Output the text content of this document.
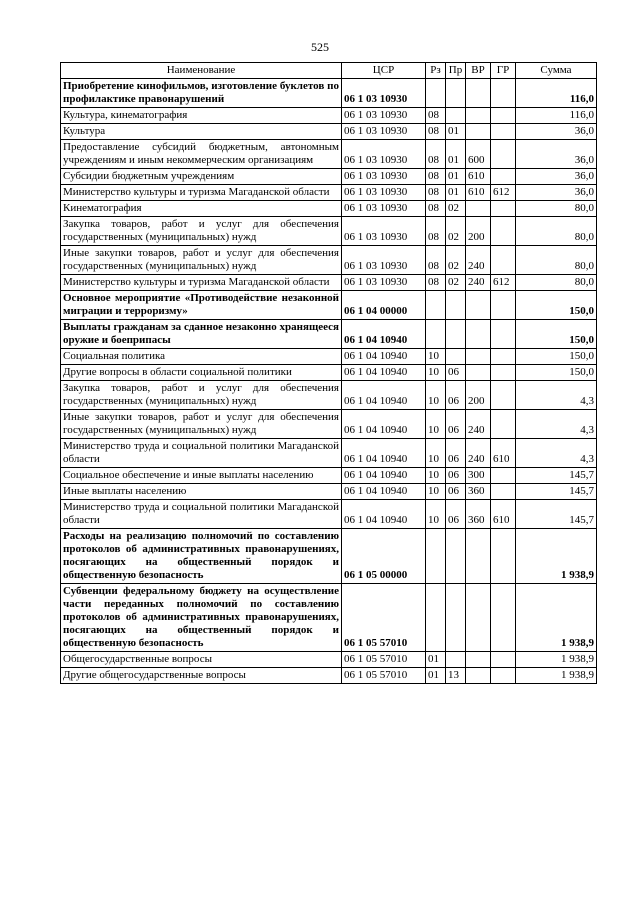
525
Наименование	ЦСР	Рз	Пр	ВР	ГР	Сумма
Приобретение кинофильмов, изготовление буклетов по профилактике правонарушений	06 1 03 10930					116,0
Культура, кинематография	06 1 03 10930	08				116,0
Культура	06 1 03 10930	08	01			36,0
Предоставление субсидий бюджетным, автономным учреждениям и иным некоммерческим организациям	06 1 03 10930	08	01	600		36,0
Субсидии бюджетным учреждениям	06 1 03 10930	08	01	610		36,0
Министерство культуры и туризма Магаданской области	06 1 03 10930	08	01	610	612	36,0
Кинематография	06 1 03 10930	08	02			80,0
Закупка товаров, работ и услуг для обеспечения государственных (муниципальных) нужд	06 1 03 10930	08	02	200		80,0
Иные закупки товаров, работ и услуг для обеспечения государственных (муниципальных) нужд	06 1 03 10930	08	02	240		80,0
Министерство культуры и туризма Магаданской области	06 1 03 10930	08	02	240	612	80,0
Основное мероприятие «Противодействие незаконной миграции и терроризму»	06 1 04 00000					150,0
Выплаты гражданам за сданное незаконно хранящееся оружие и боеприпасы	06 1 04 10940					150,0
Социальная политика	06 1 04 10940	10				150,0
Другие вопросы в области социальной политики	06 1 04 10940	10	06			150,0
Закупка товаров, работ и услуг для обеспечения государственных (муниципальных) нужд	06 1 04 10940	10	06	200		4,3
Иные закупки товаров, работ и услуг для обеспечения государственных (муниципальных) нужд	06 1 04 10940	10	06	240		4,3
Министерство труда и социальной политики Магаданской области	06 1 04 10940	10	06	240	610	4,3
Социальное обеспечение и иные выплаты населению	06 1 04 10940	10	06	300		145,7
Иные выплаты населению	06 1 04 10940	10	06	360		145,7
Министерство труда и социальной политики Магаданской области	06 1 04 10940	10	06	360	610	145,7
Расходы на реализацию полномочий по составлению протоколов об административных правонарушениях, посягающих на общественный порядок и общественную безопасность	06 1 05 00000					1 938,9
Субвенции федеральному бюджету на осуществление части переданных полномочий по составлению протоколов об административных правонарушениях, посягающих на общественный порядок и общественную безопасность	06 1 05 57010					1 938,9
Общегосударственные вопросы	06 1 05 57010	01				1 938,9
Другие общегосударственные вопросы	06 1 05 57010	01	13			1 938,9
